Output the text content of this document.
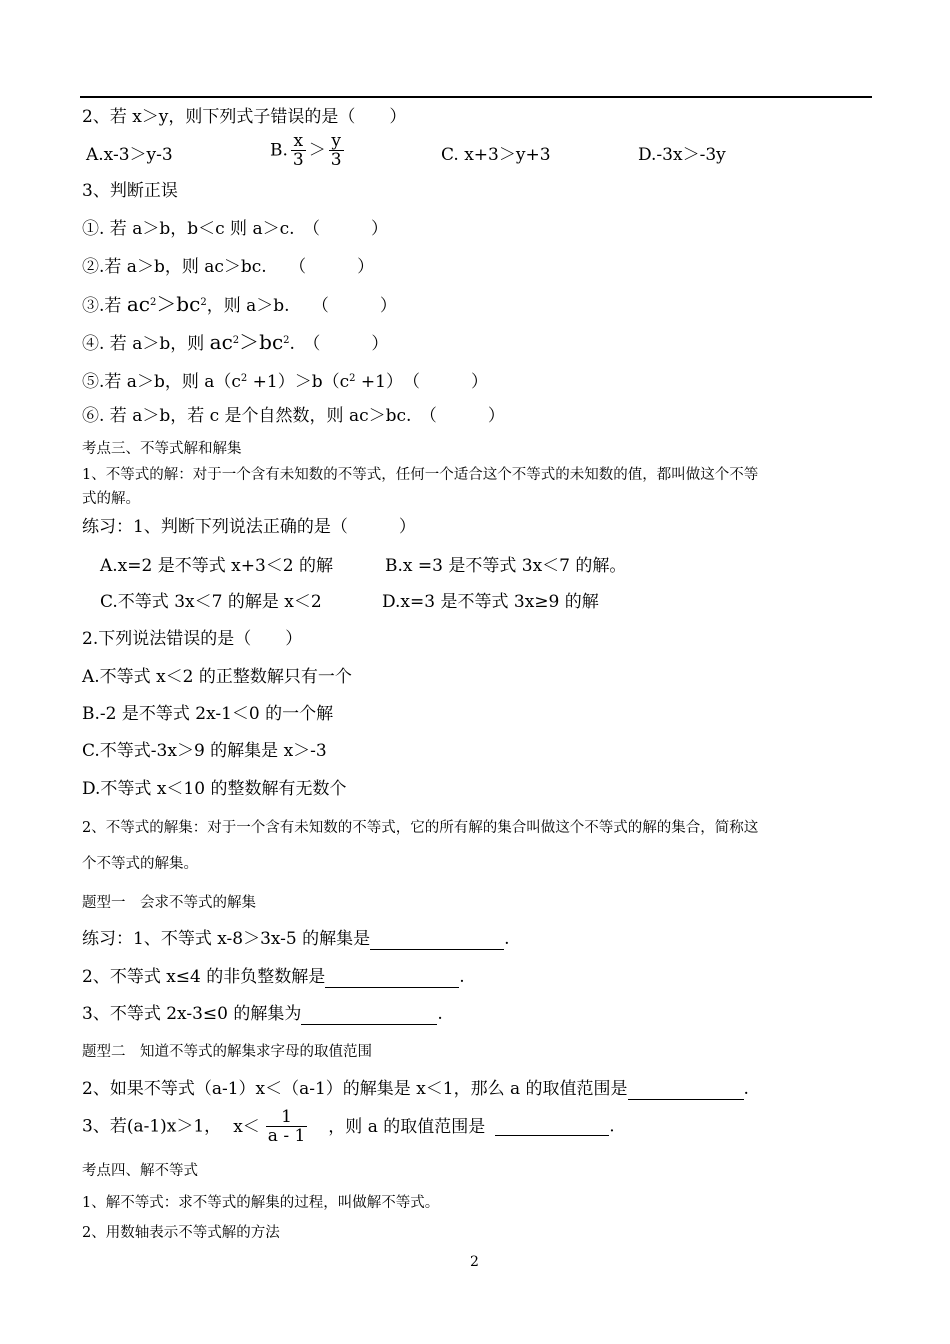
2、若 x＞y，则下列式子错误的是（　　）
A.x-3＞y-3	B. $\frac{x}{3} > \frac{y}{3}$	C. x+3＞y+3	D.-3x＞-3y
3、判断正误
①. 若 a＞b，b＜c 则 a＞c.　（　　　）
②.若 a＞b，则 ac＞bc.　 （　　　）
③.若 $ac^2>bc^2$，则 a＞b.　 （　　　）
④. 若 a＞b，则 $ac^2>bc^2$.　（　　　）
⑤.若 a＞b，则 $a(c^2 +1)>b(c^2 +1)$　（　　　）
⑥. 若 a＞b，若 c 是个自然数，则 ac＞bc.　（　　　）
考点三、不等式解和解集
1、不等式的解：对于一个含有未知数的不等式，任何一个适合这个不等式的未知数的值，都叫做这个不等
式的解。
练习：1、判断下列说法正确的是（　　　）
A.x=2 是不等式 x+3＜2 的解	B.x =3 是不等式 3x＜7 的解。
C.不等式 3x＜7 的解是 x＜2	D.x=3 是不等式 3x≥9 的解
2.下列说法错误的是（　　）
A.不等式 x＜2 的正整数解只有一个
B.-2 是不等式 2x-1＜0 的一个解
C.不等式-3x＞9 的解集是 x＞-3
D.不等式 x＜10 的整数解有无数个
2、不等式的解集：对于一个含有未知数的不等式，它的所有解的集合叫做这个不等式的解的集合，简称这
个不等式的解集。
题型一　会求不等式的解集
练习：1、不等式 x-8＞3x-5 的解集是	.
2、不等式 x≤4 的非负整数解是	.
3、不等式 2x-3≤0 的解集为	.
题型二　知道不等式的解集求字母的取值范围
2、如果不等式（a-1）x＜（a-1）的解集是 x＜1，那么 a 的取值范围是	.
3、若(a-1)x＞1， $x< \frac{1}{a - 1}$ ，则 a 的取值范围是	.
考点四、解不等式
1、解不等式：求不等式的解集的过程，叫做解不等式。
2、用数轴表示不等式解的方法
2
